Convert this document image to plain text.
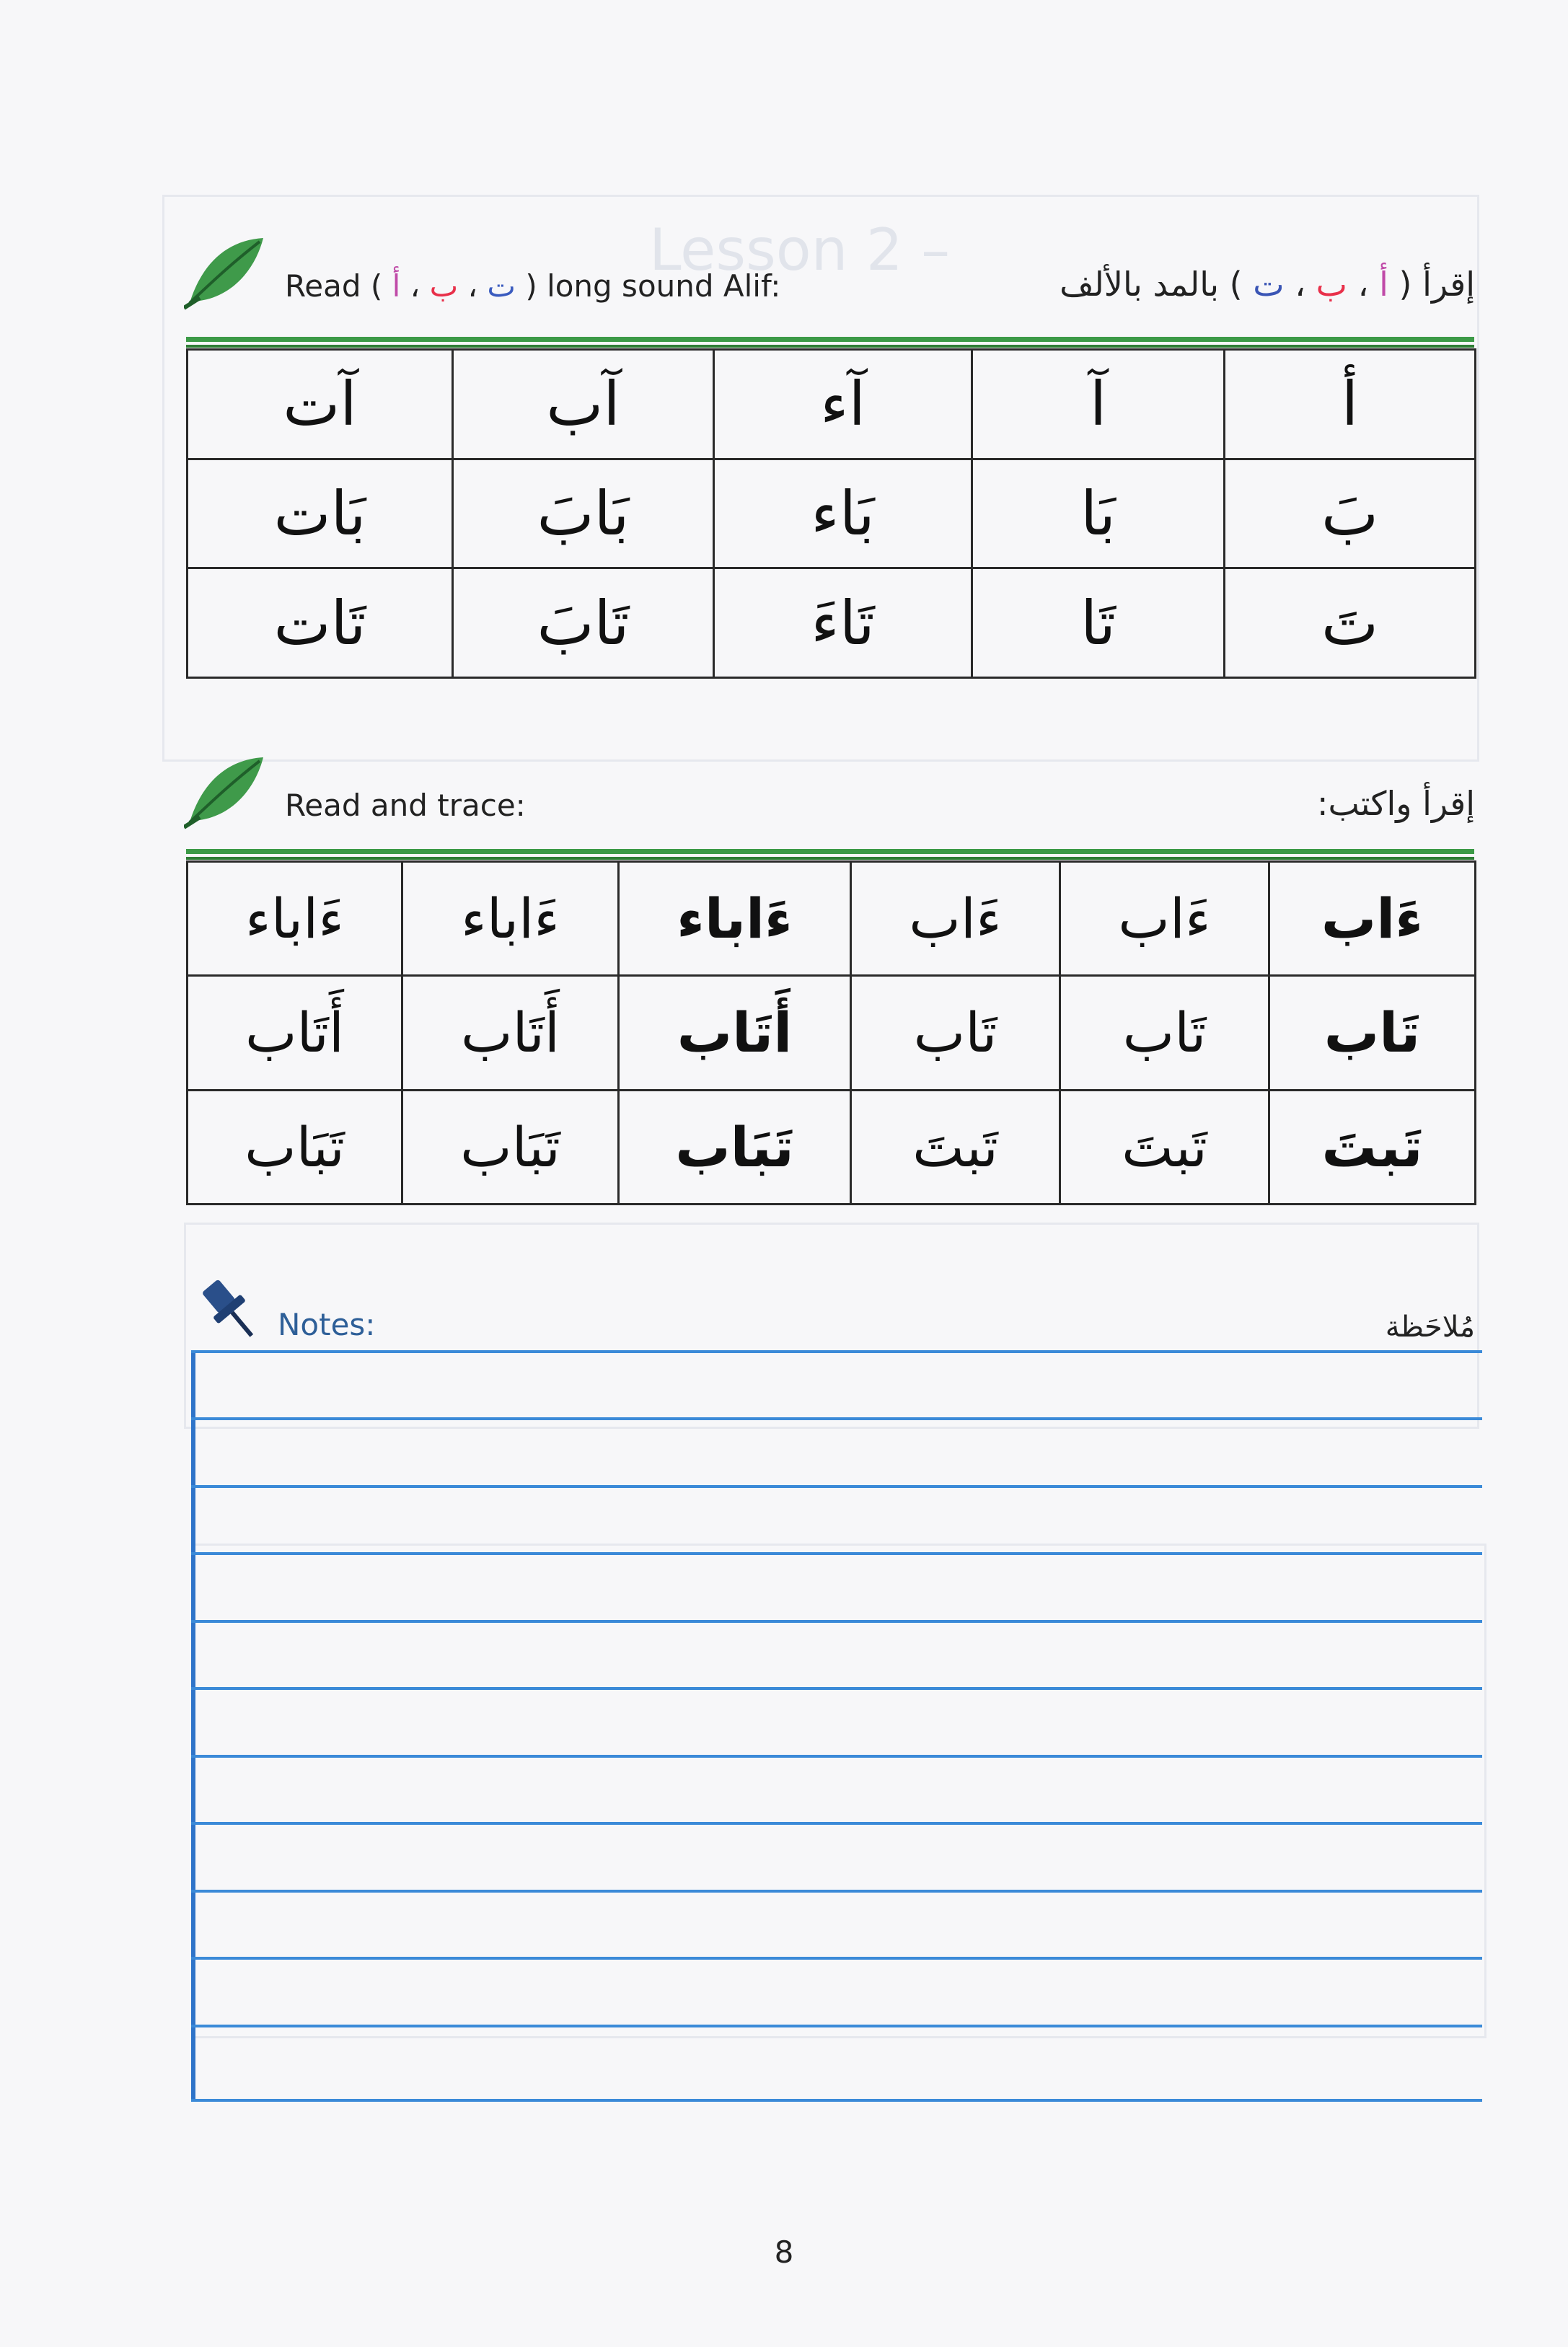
Lesson 2 –
Read (	ت ، ب ، أ	) long sound Alif:	إقرأ ( أ ، ب ، ت ) بالمد بالألف
أ	آ	آء	آب	آت
بَ	بَا	بَاء	بَابَ	بَات
تَ	تَا	تَاءَ	تَابَ	تَات
Read and trace:	إقرأ واكتب:
ءَاب	ءَاب	ءَاب	ءَاباء	ءَاباء	ءَاباء
تَاب	تَاب	تَاب	أَتَاب	أَتَاب	أَتَاب
تَبتَ	تَبتَ	تَبتَ	تَبَاب	تَبَاب	تَبَاب
Notes:	مُلاحَظة
8
